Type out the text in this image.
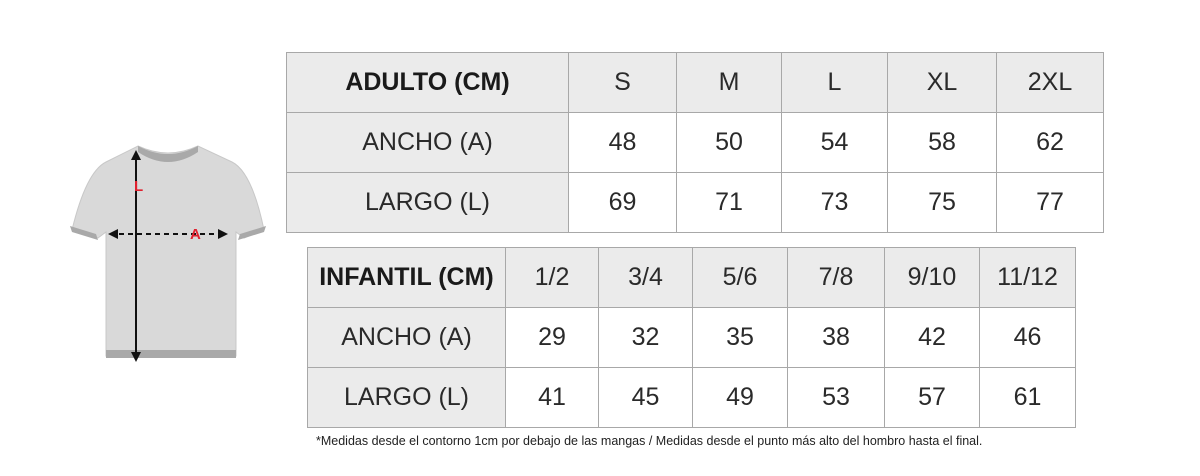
L
A
ADULTO (CM)	S	M	L	XL	2XL
ANCHO (A)	48	50	54	58	62
LARGO (L)	69	71	73	75	77
INFANTIL (CM)	1/2	3/4	5/6	7/8	9/10	11/12
ANCHO (A)	29	32	35	38	42	46
LARGO (L)	41	45	49	53	57	61
*Medidas desde el contorno 1cm por debajo de las mangas / Medidas desde el punto más alto del hombro hasta el final.
